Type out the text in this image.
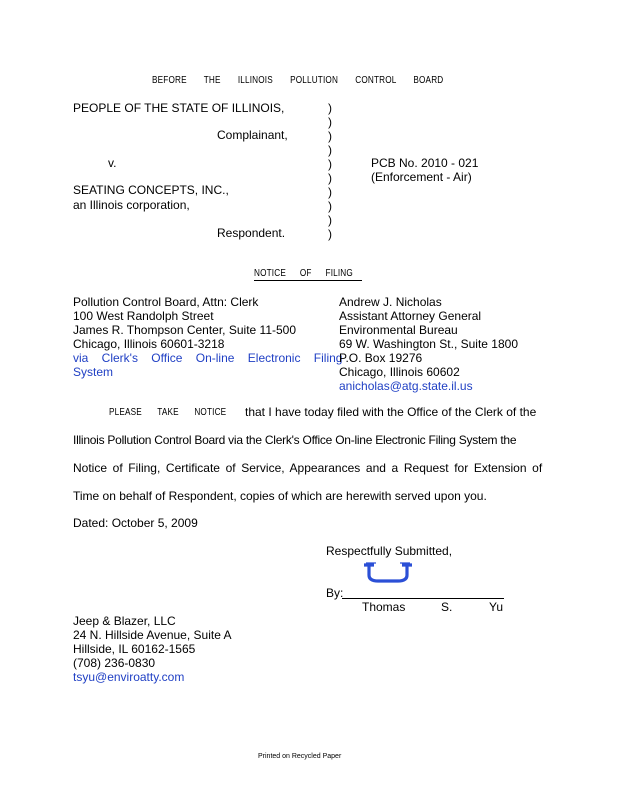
BEFORE THE ILLINOIS POLLUTION CONTROL BOARD
PEOPLE OF THE STATE OF ILLINOIS,
Complainant,
v.
SEATING CONCEPTS, INC.,
an Illinois corporation,
Respondent.
)
)
)
)
)
)
)
)
)
)
PCB No. 2010 - 021
(Enforcement - Air)
NOTICE OF FILING
Pollution Control Board, Attn: Clerk
100 West Randolph Street
James R. Thompson Center, Suite 11-500
Chicago, Illinois 60601-3218
via Clerk's Office On-line Electronic Filing
System
Andrew J. Nicholas
Assistant Attorney General
Environmental Bureau
69 W. Washington St., Suite 1800
P.O. Box 19276
Chicago, Illinois 60602
anicholas@atg.state.il.us
PLEASE TAKE NOTICE that I have today filed with the Office of the Clerk of the
Illinois Pollution Control Board via the Clerk's Office On-line Electronic Filing System the
Notice of Filing, Certificate of Service, Appearances and a Request for Extension of
Time on behalf of Respondent, copies of which are herewith served upon you.
Dated: October 5, 2009
Respectfully Submitted,
By:
Thomas	S.	Yu
Jeep & Blazer, LLC
24 N. Hillside Avenue, Suite A
Hillside, IL 60162-1565
(708) 236-0830
tsyu@enviroatty.com
Printed on Recycled Paper
